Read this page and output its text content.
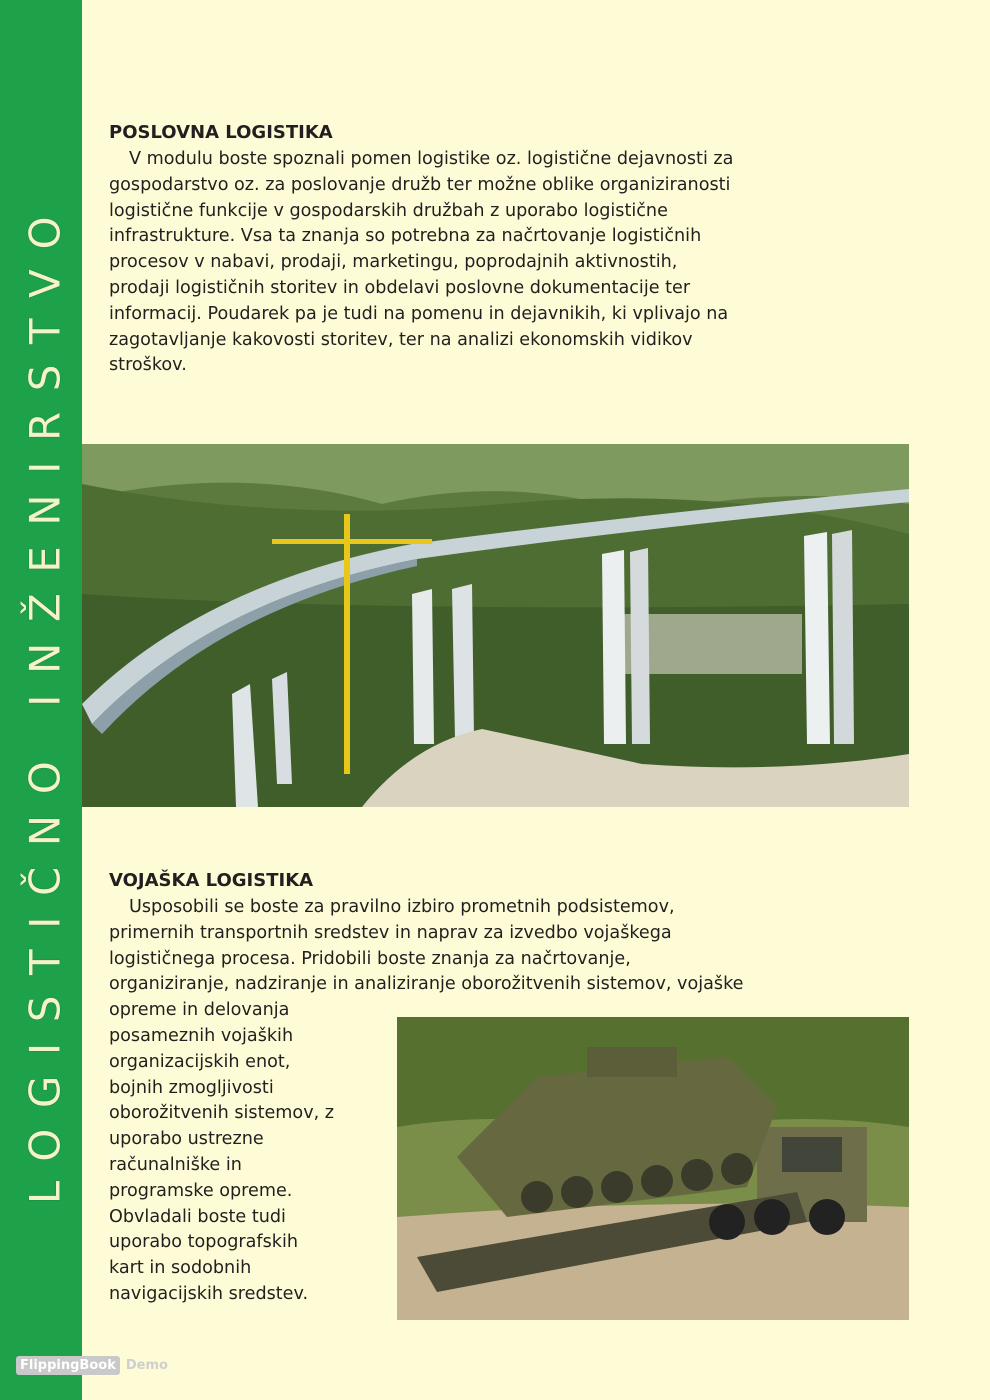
LOGISTIČNO INŽENIRSTVO
POSLOVNA LOGISTIKA

V modulu boste spoznali pomen logistike oz. logistične dejavnosti za
gospodarstvo oz. za poslovanje družb ter možne oblike organiziranosti
logistične funkcije v gospodarskih družbah z uporabo logistične
infrastrukture. Vsa ta znanja so potrebna za načrtovanje logističnih
procesov v nabavi, prodaji, marketingu, poprodajnih aktivnostih,
prodaji logističnih storitev in obdelavi poslovne dokumentacije ter
informacij. Poudarek pa je tudi na pomenu in dejavnikih, ki vplivajo na
zagotavljanje kakovosti storitev, ter na analizi ekonomskih vidikov
stroškov.

VOJAŠKA LOGISTIKA

Usposobili se boste za pravilno izbiro prometnih podsistemov,
primernih transportnih sredstev in naprav za izvedbo vojaškega
logističnega procesa. Pridobili boste znanja za načrtovanje,
organiziranje, nadziranje in analiziranje oborožitvenih sistemov, vojaške
opreme in delovanja
posameznih vojaških
organizacijskih enot,
bojnih zmogljivosti
oborožitvenih sistemov, z
uporabo ustrezne
računalniške in
programske opreme.
Obvladali boste tudi
uporabo topografskih
kart in sodobnih
navigacijskih sredstev.

FlippingBook Demo
